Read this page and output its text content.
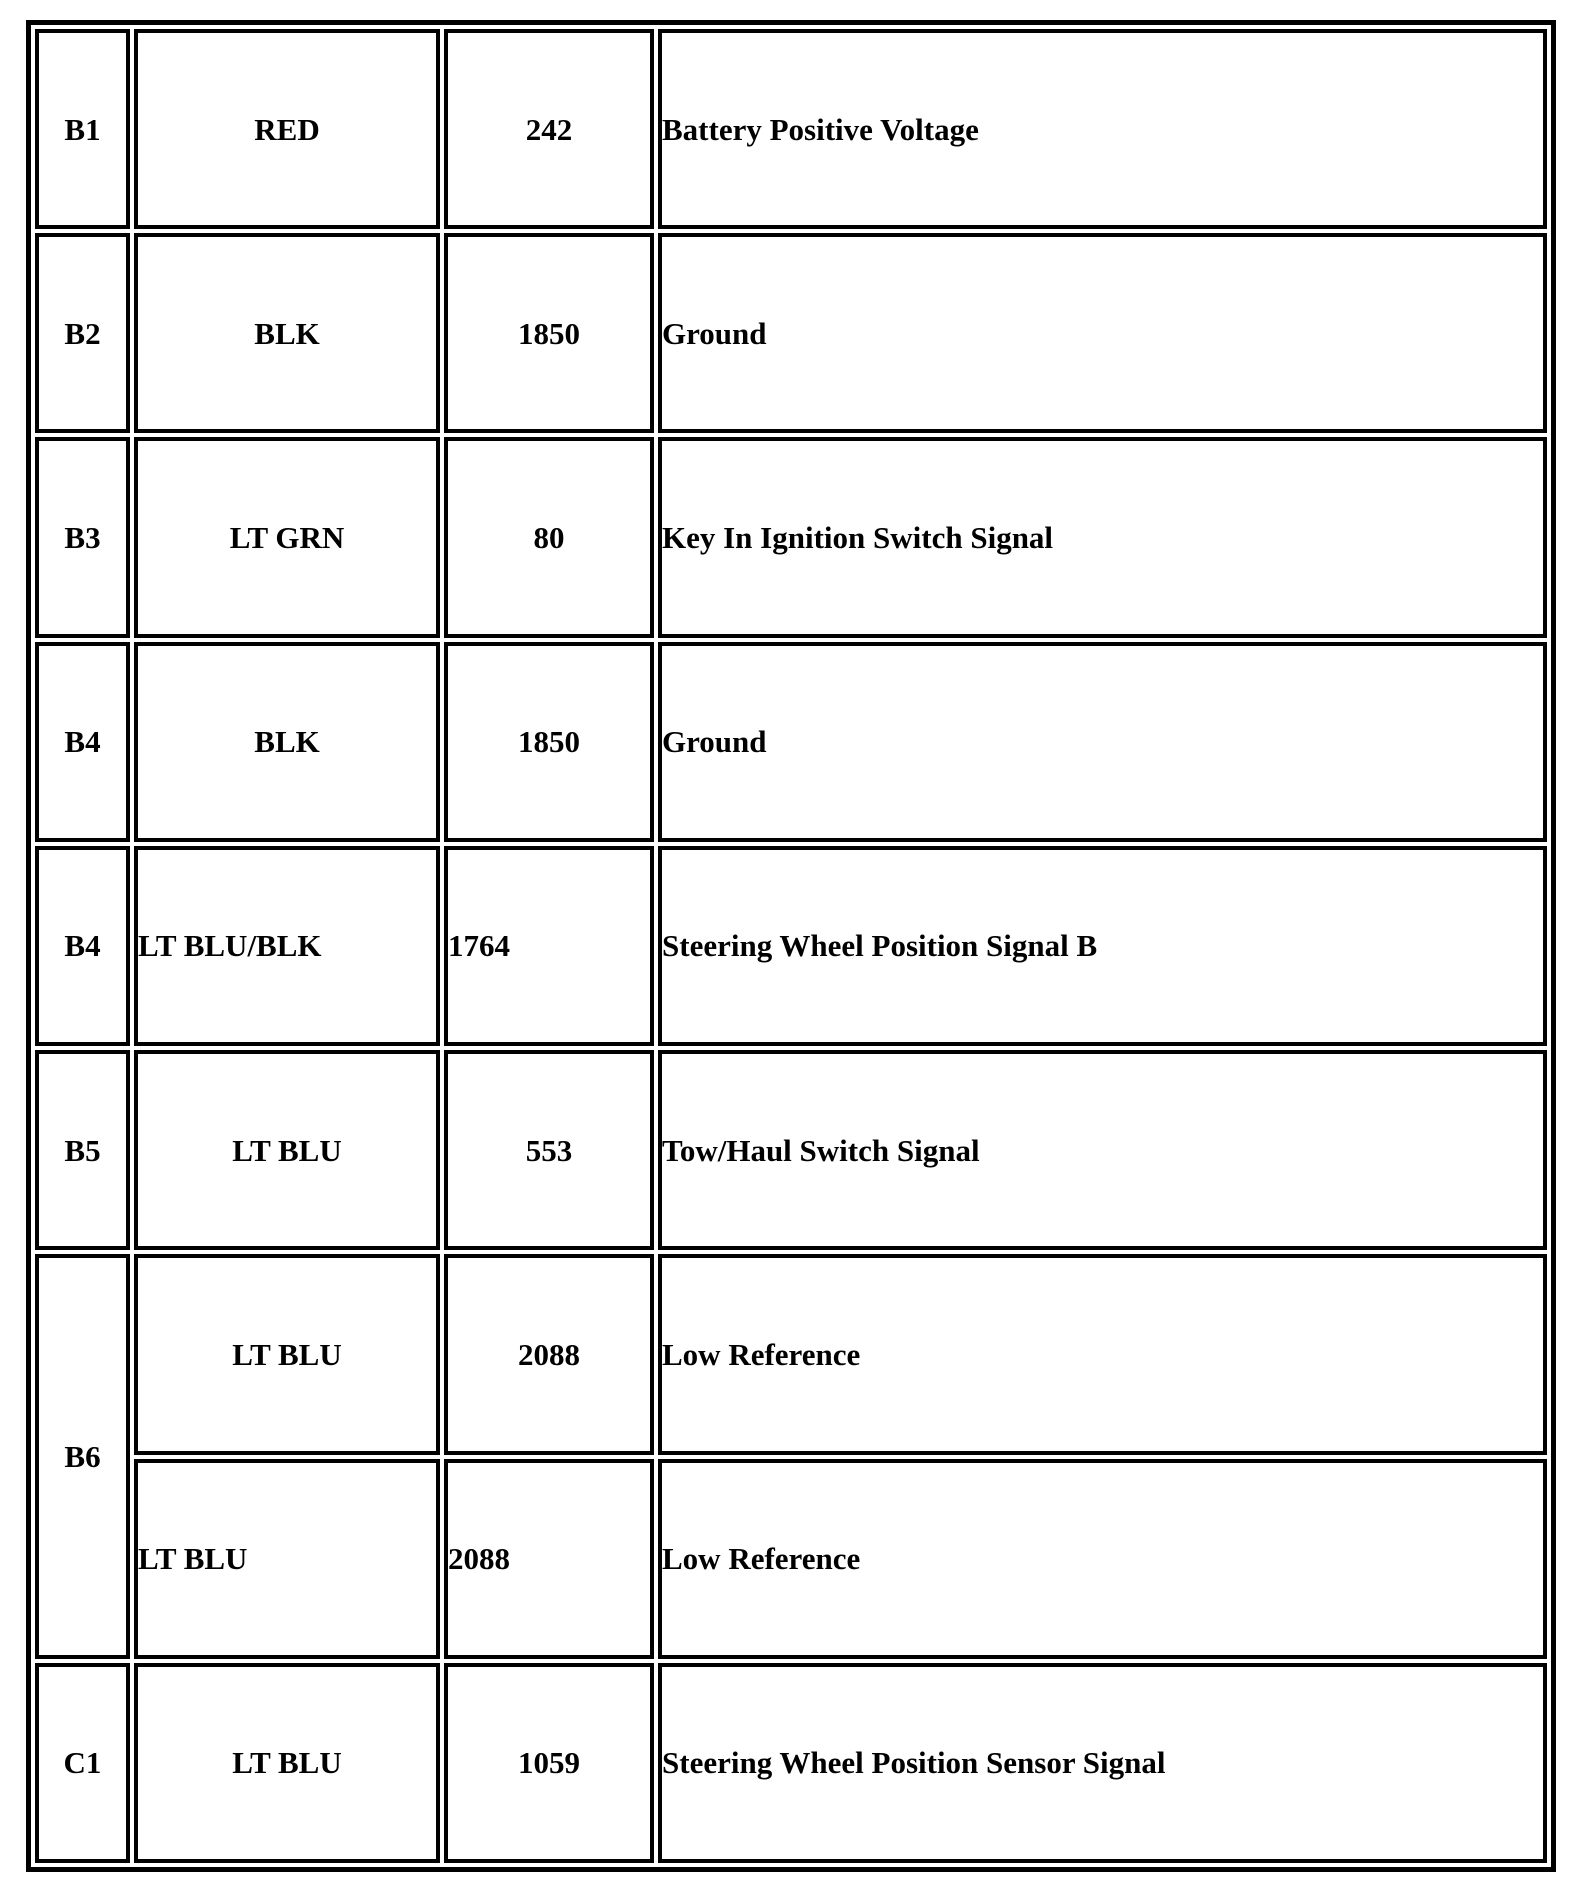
B1	RED	242	Battery Positive Voltage
B2	BLK	1850	Ground
B3	LT GRN	80	Key In Ignition Switch Signal
B4	BLK	1850	Ground
B4	LT BLU/BLK	1764	Steering Wheel Position Signal B
B5	LT BLU	553	Tow/Haul Switch Signal
B6	LT BLU	2088	Low Reference
	LT BLU	2088	Low Reference
C1	LT BLU	1059	Steering Wheel Position Sensor Signal
